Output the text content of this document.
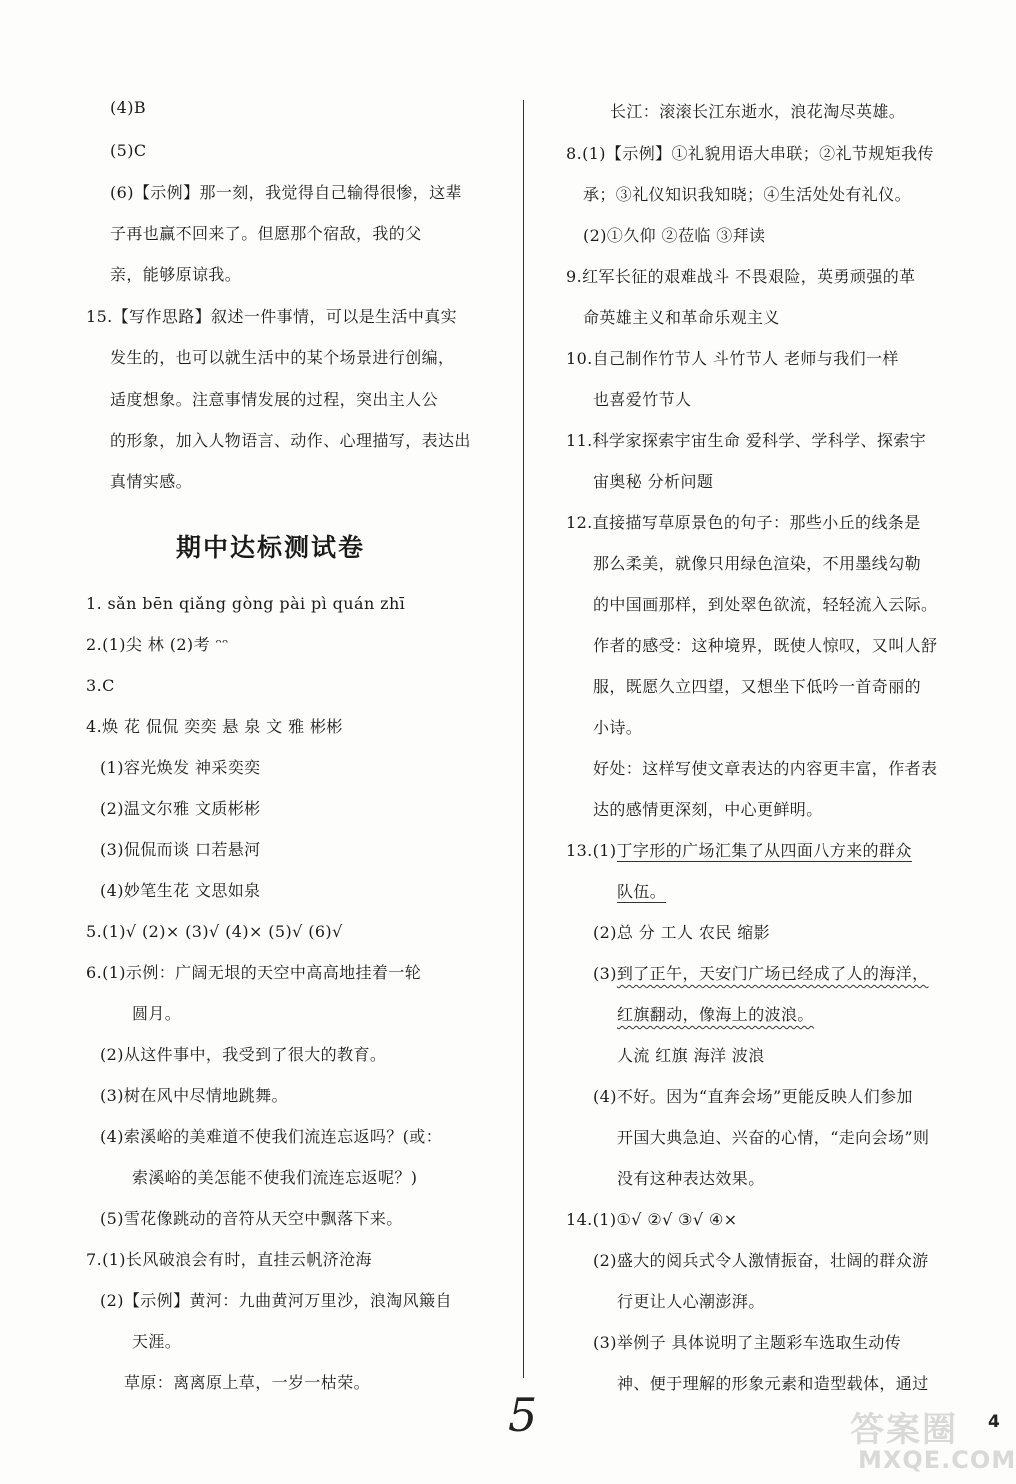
(4)B
(5)C
(6)【示例】那一刻，我觉得自己输得很惨，这辈
子再也赢不回来了。但愿那个宿敌，我的父
亲，能够原谅我。
15.【写作思路】叙述一件事情，可以是生活中真实
发生的，也可以就生活中的某个场景进行创编，
适度想象。注意事情发展的过程，突出主人公
的形象，加入人物语言、动作、心理描写，表达出
真情实感。
期中达标测试卷
1. sǎn bēn qiǎng gòng pài pì quán zhī
2.(1)尖 林 (2)考 ᵔᵔ
3.C
4.焕 花 侃侃 奕奕 悬 泉 文 雅 彬彬
(1)容光焕发 神采奕奕
(2)温文尔雅 文质彬彬
(3)侃侃而谈 口若悬河
(4)妙笔生花 文思如泉
5.(1)√ (2)× (3)√ (4)× (5)√ (6)√
6.(1)示例：广阔无垠的天空中高高地挂着一轮
圆月。
(2)从这件事中，我受到了很大的教育。
(3)树在风中尽情地跳舞。
(4)索溪峪的美难道不使我们流连忘返吗？(或：
索溪峪的美怎能不使我们流连忘返呢？)
(5)雪花像跳动的音符从天空中飘落下来。
7.(1)长风破浪会有时，直挂云帆济沧海
(2)【示例】黄河：九曲黄河万里沙，浪淘风簸自
天涯。
草原：离离原上草，一岁一枯荣。
长江：滚滚长江东逝水，浪花淘尽英雄。
8.(1)【示例】①礼貌用语大串联；②礼节规矩我传
承；③礼仪知识我知晓；④生活处处有礼仪。
(2)①久仰 ②莅临 ③拜读
9.红军长征的艰难战斗 不畏艰险，英勇顽强的革
命英雄主义和革命乐观主义
10.自己制作竹节人 斗竹节人 老师与我们一样
也喜爱竹节人
11.科学家探索宇宙生命 爱科学、学科学、探索宇
宙奥秘 分析问题
12.直接描写草原景色的句子：那些小丘的线条是
那么柔美，就像只用绿色渲染，不用墨线勾勒
的中国画那样，到处翠色欲流，轻轻流入云际。
作者的感受：这种境界，既使人惊叹，又叫人舒
服，既愿久立四望，又想坐下低吟一首奇丽的
小诗。
好处：这样写使文章表达的内容更丰富，作者表
达的感情更深刻，中心更鲜明。
13.(1)丁字形的广场汇集了从四面八方来的群众
队伍。
(2)总 分 工人 农民 缩影
(3)到了正午，天安门广场已经成了人的海洋，
红旗翻动，像海上的波浪。
人流 红旗 海洋 波浪
(4)不好。因为“直奔会场”更能反映人们参加
开国大典急迫、兴奋的心情，“走向会场”则
没有这种表达效果。
14.(1)①√ ②√ ③√ ④×
(2)盛大的阅兵式令人激情振奋，壮阔的群众游
行更让人心潮澎湃。
(3)举例子 具体说明了主题彩车选取生动传
神、便于理解的形象元素和造型载体，通过
5	4
答案圈
MXQE.COM
